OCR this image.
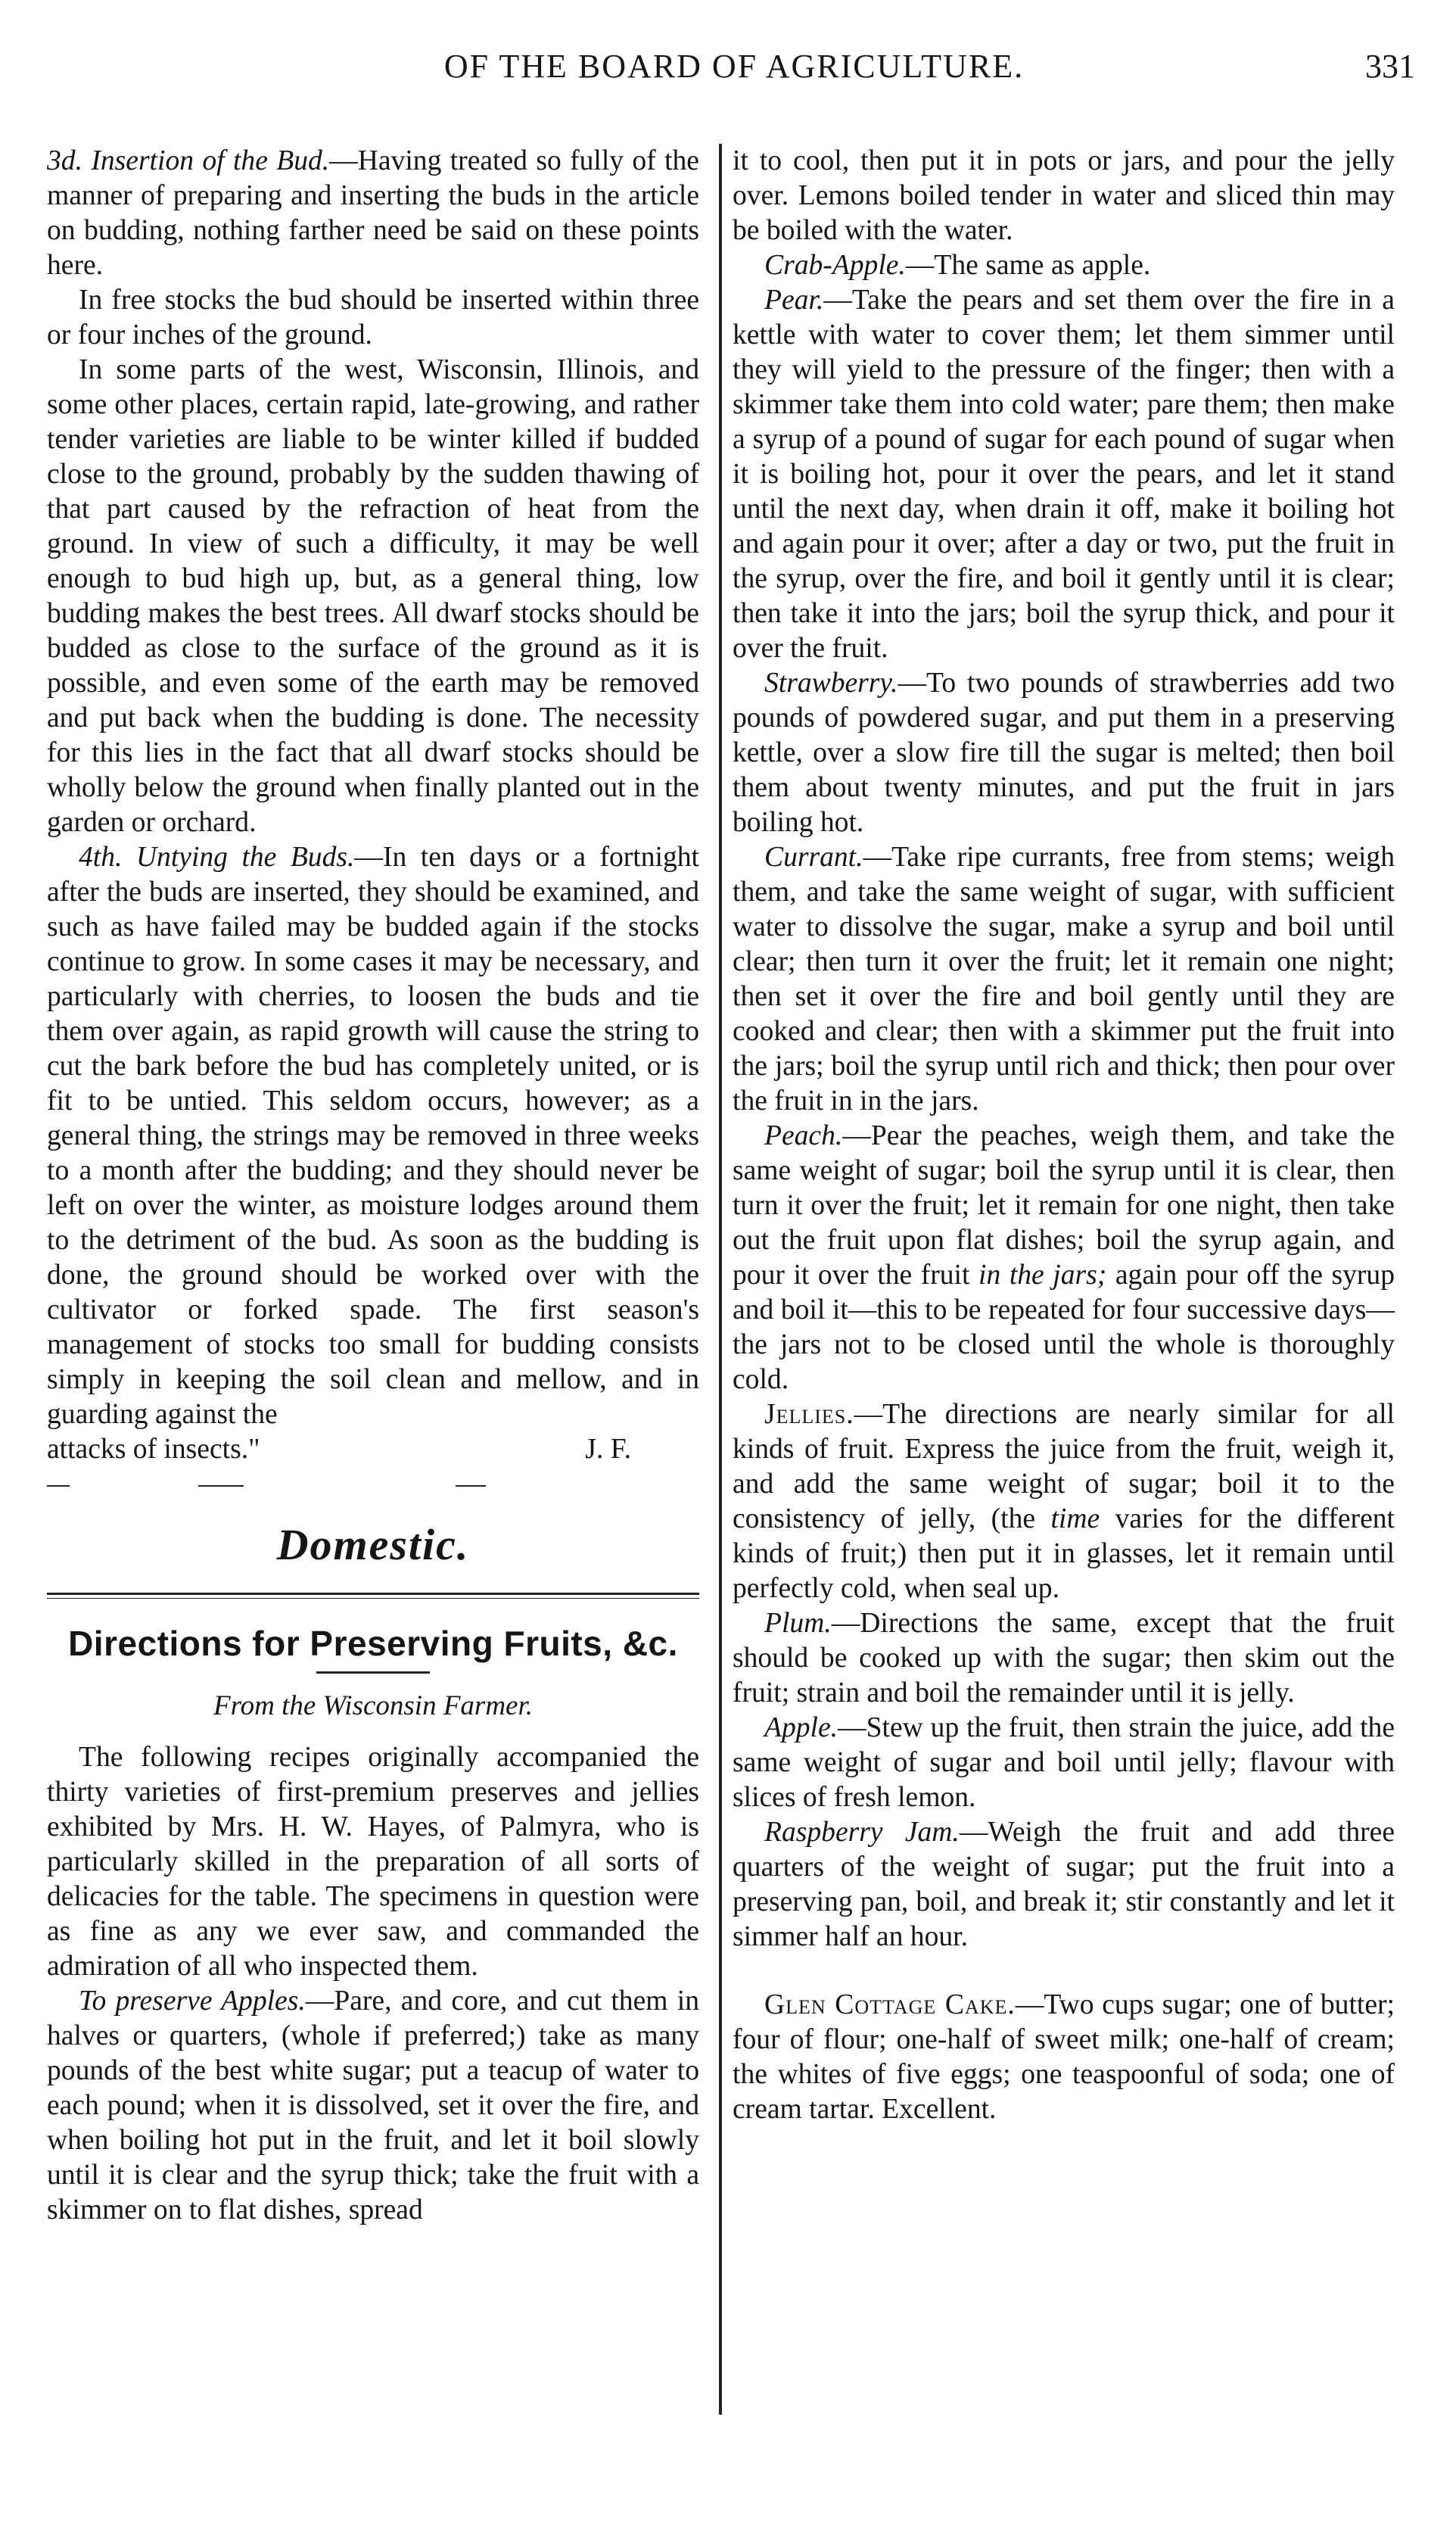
OF THE BOARD OF AGRICULTURE.	331

3d. Insertion of the Bud.—Having treated so fully of the manner of preparing and inserting the buds in the article on budding, nothing farther need be said on these points here.

In free stocks the bud should be inserted within three or four inches of the ground.

In some parts of the west, Wisconsin, Illinois, and some other places, certain rapid, late-growing, and rather tender varieties are liable to be winter killed if budded close to the ground, probably by the sudden thawing of that part caused by the refraction of heat from the ground. In view of such a difficulty, it may be well enough to bud high up, but, as a general thing, low budding makes the best trees. All dwarf stocks should be budded as close to the surface of the ground as it is possible, and even some of the earth may be removed and put back when the budding is done. The necessity for this lies in the fact that all dwarf stocks should be wholly below the ground when finally planted out in the garden or orchard.

4th. Untying the Buds.—In ten days or a fortnight after the buds are inserted, they should be examined, and such as have failed may be budded again if the stocks continue to grow. In some cases it may be necessary, and particularly with cherries, to loosen the buds and tie them over again, as rapid growth will cause the string to cut the bark before the bud has completely united, or is fit to be untied. This seldom occurs, however; as a general thing, the strings may be removed in three weeks to a month after the budding; and they should never be left on over the winter, as moisture lodges around them to the detriment of the bud. As soon as the budding is done, the ground should be worked over with the cultivator or forked spade. The first season's management of stocks too small for budding consists simply in keeping the soil clean and mellow, and in guarding against the

attacks of insects."	J. F.
Domestic.
Directions for Preserving Fruits, &c.
From the Wisconsin Farmer.

The following recipes originally accompanied the thirty varieties of first-premium preserves and jellies exhibited by Mrs. H. W. Hayes, of Palmyra, who is particularly skilled in the preparation of all sorts of delicacies for the table. The specimens in question were as fine as any we ever saw, and commanded the admiration of all who inspected them.

To preserve Apples.—Pare, and core, and cut them in halves or quarters, (whole if preferred;) take as many pounds of the best white sugar; put a teacup of water to each pound; when it is dissolved, set it over the fire, and when boiling hot put in the fruit, and let it boil slowly until it is clear and the syrup thick; take the fruit with a skimmer on to flat dishes, spread

it to cool, then put it in pots or jars, and pour the jelly over. Lemons boiled tender in water and sliced thin may be boiled with the water.

Crab-Apple.—The same as apple.

Pear.—Take the pears and set them over the fire in a kettle with water to cover them; let them simmer until they will yield to the pressure of the finger; then with a skimmer take them into cold water; pare them; then make a syrup of a pound of sugar for each pound of sugar when it is boiling hot, pour it over the pears, and let it stand until the next day, when drain it off, make it boiling hot and again pour it over; after a day or two, put the fruit in the syrup, over the fire, and boil it gently until it is clear; then take it into the jars; boil the syrup thick, and pour it over the fruit.

Strawberry.—To two pounds of strawberries add two pounds of powdered sugar, and put them in a preserving kettle, over a slow fire till the sugar is melted; then boil them about twenty minutes, and put the fruit in jars boiling hot.

Currant.—Take ripe currants, free from stems; weigh them, and take the same weight of sugar, with sufficient water to dissolve the sugar, make a syrup and boil until clear; then turn it over the fruit; let it remain one night; then set it over the fire and boil gently until they are cooked and clear; then with a skimmer put the fruit into the jars; boil the syrup until rich and thick; then pour over the fruit in in the jars.

Peach.—Pear the peaches, weigh them, and take the same weight of sugar; boil the syrup until it is clear, then turn it over the fruit; let it remain for one night, then take out the fruit upon flat dishes; boil the syrup again, and pour it over the fruit in the jars; again pour off the syrup and boil it—this to be repeated for four successive days—the jars not to be closed until the whole is thoroughly cold.

Jellies.—The directions are nearly similar for all kinds of fruit. Express the juice from the fruit, weigh it, and add the same weight of sugar; boil it to the consistency of jelly, (the time varies for the different kinds of fruit;) then put it in glasses, let it remain until perfectly cold, when seal up.

Plum.—Directions the same, except that the fruit should be cooked up with the sugar; then skim out the fruit; strain and boil the remainder until it is jelly.

Apple.—Stew up the fruit, then strain the juice, add the same weight of sugar and boil until jelly; flavour with slices of fresh lemon.

Raspberry Jam.—Weigh the fruit and add three quarters of the weight of sugar; put the fruit into a preserving pan, boil, and break it; stir constantly and let it simmer half an hour.

Glen Cottage Cake.—Two cups sugar; one of butter; four of flour; one-half of sweet milk; one-half of cream; the whites of five eggs; one teaspoonful of soda; one of cream tartar. Excellent.
